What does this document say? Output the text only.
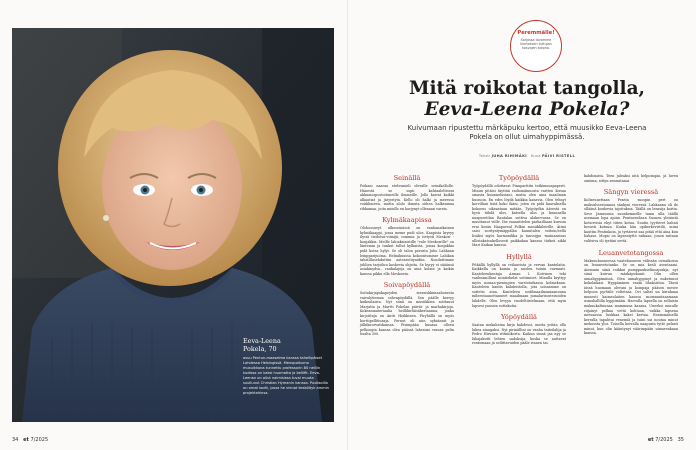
Eeva-Leena
Pokela, 70
asuu Pentun-maaseima kanssa tahellipäiset Lahdessa Helsingissä. Menopoikumo musuikkona tunnettu professorin 80 nelliin kudissa on kaksi huomatta ja bellifit. Eeva-Leenan on ollut naimisissa tuval muuta suullunut Christian Hymanin kanssa. Puolisoilla on omat kodit, jossa he vienat kesköityk ammin projektahinsa.
34 et 7/2025
Peremmälle!
Sarjassa tavamme kiertoksen tuttujan kasvojen kotona.
Mitä roikotat tangolla,
Eeva-Leena Pokela?

Kuivumaan ripustettu märkäpuku kertoo, että muusikko Eeva-Leena Pokela on ollut uimahyppimässä.

Teksti JUHA RIHIMÄKI Kuva PÄIVI RISTELL
Seinällä

Poikani naaraa etelesmieli olevalle seinäkellolle. Hänestä se sopii kahtaaleltiseni akkuaiospostoituneille ilmmeille. Jollo kaivat kaikki alkaatiat ja järjestyin. Kello oli halki ja meressa voiiklimeen, mutta alolo ihmuta siihen halkeamaa ribkamaa, joita mindlo en korjynyt ollenaan varsin.

Kylmäkaapissa

Olohoosneyt ulkoseinässä on vanhanaikainen kylmäkaappi, jossa meme pudi ulos. Kaapista kryryy ilyviä tiedotus-viimijä, rommia ja tietysti Meskow -konjakkia. Meille lahiaksiaistille "vale Meskowille" on läntemin ja tunkut tullut kylkaista, joissa konjakkia pidä kotsa hylyt. Se oli talon perusta Juho Lahkaan lempparijuoma. Helmikuussa kokoontumisse Lahikan tahstillasehduttiin aatearoitiyaidiin. Noudattimme juhlien tarjoiluu koskevia ohjeita. Se hyryy ei sääänsä asiakinydsa.. raukalajeja on aina kolme ja kaikin kanssa pikku ella Meskowia.

Soivapöydällä

Soitakirjapakapeyden messiskkimaahonesta vaivalytiemna sohvapöydällä. Sen päälle kerryy kaikenlaista. Nyt siinä on musiikkien soittanut Marjatta ja Martti Pokelan päiväi- ja marhakirjoja. Kokeanmateriaalia heillikirläisäkertaanna, jonka kirjoittaja on Antti Heikkinen. Piryhällä on myös korttipellitiusaja. Pernut oli niin syksännit ja jälkikuorvattkanssa. Pisimpään kuuasa olleen pelkoogin kanssa olen päässä lahesimi vasusa pelin tisalta 300.

Työpöydällä

Työpöydällä odottavat Finnparttitn tutkimuuspaperit. Minun pitäisi täyttää radiomäinnosta vartten kirsaa omasta kuunnelustani, mutta olen aina maailman huonoin. En edes löydä kaikkia kanavia. Olen tehnyt korvillani tistä koko ikäni, joten en pidä kaavaksella kokoeus oikeastaan mitään. Työpöydän äärestä on hyvä tähdä ulos, katsella ulos ja kuunnella naapuretilan Rantalan suttiva alakervassa. Se on muuttanut viille. Ihe vaaantitelen parhaillaani kurssia erni kesän Haapaveal Folkin musiikkileirille. Ätimi saisi sorityntymäppälän kuunitalen soitoin/eellä lisäksi myös harmonikka ja tanssijpu -mainansisas ullistakatsukellosesti paikkakan kanssa tärkeä aikki Mari Kaikan kanssa.

Hyllyllä

Pitkällä hyllyllä on reilaavista ja vervan kantelaita. Kaikkella on kumin ja nuoleu tuinin varmasti. Kanteleenkentaja Arman I. Kotvinen teki vanheamillani sointiekelat sottimiset. Minulla kryttyy myös nomaa-pieningien varstotaikassa kolmekaan. Kanteleen kantis kahdeistolla, jota soissamme on sottetis aina. Kanteleen soitilmaailmaniaanuuna mileentaanottanneet maailmaan jumalarisosteisoiden lahdelle. Olen levyyn vuodeltiistelmaan, että myin lapsesi yaussin sottakutia.

Yöpöydällä

Saatan mukaheina kirja kahdessi, mutta yritän olla lukea ainagaksi. Nyt pirinällini on vanha taiteilalija ja Pedro Hirunen rittmiikorta. Kaikun sinnä jaa nyy se lähajakutti lehten sadoksija, koska se auttavat rentomaan ja seilittavuiden pääle rinnen tai.

kahdimista. Teen juleaksi nitä helpoimpia, jä luven omiima, sittyn senmstanai.

Sängyn vieressä

Koliseunettaan Pentin -mospin pert on maksulssestonnoa sänkyni vieressä. Lahkanna oli de olläänä kouhevia tajoituksia. Täällä on lenssija kortia. Seve Jamssonin suunhemnelle tamn ulla täällä asemaan lopa apina. Pentneroilaan Suonen yleisintä kotiorvisia ehyt tiiten kotua. Suutin tyytteret hahnii kovasti kotuun. Koska hän opikerkevirtilä, mimi kauttin Pentinkoin, ja tyrtärrnt saa pitää että aina kun hahaus. Mopsi on lapsentyttö raikaan, jonon raitaan valitsiva oli tyrtäni sevtä.

Leuanvetotangossa

Maksuuhuoneessa vaatehuoneen välissän ovisaikossa on leuanvetotanko. Se on mia kesli asentaami. Aiemmin siinä roikkui pumppaukselinoajuskja, nyt siinä kuivuu märkäpukunit. Olin ollen uimahyppimässä. Olen uimahyppinyt ja nuketunut kokolaikasi. Hyppäminen vaatii lihaksistoa. Tässä iässä huomaan olevani ja kompaja pääsen mesee helpoon pyrtäile voltetsaa. Ovi saltat un karakaaa munesti kaimeolaiten kanssa suomnantaaamaan usmahallilla hyppimään. Harvalla lapsella on sellaista makuukaltuunaa mammuna kanssa. Uneeksi minulle riijainyt pelkaa vettä kohtaan, vaikka lapsena metsaassa luokkaa kakei kertaa. Ensimmäisellä kerralla tapahtui venemiä ja isäni sai noutaa minut mekossta ylos. Toisella kerralla naapurin tyttö pelasti minut, kun olin kääntynyt väärimpään uimarenkaan kanssa.

et 7/2025 35
